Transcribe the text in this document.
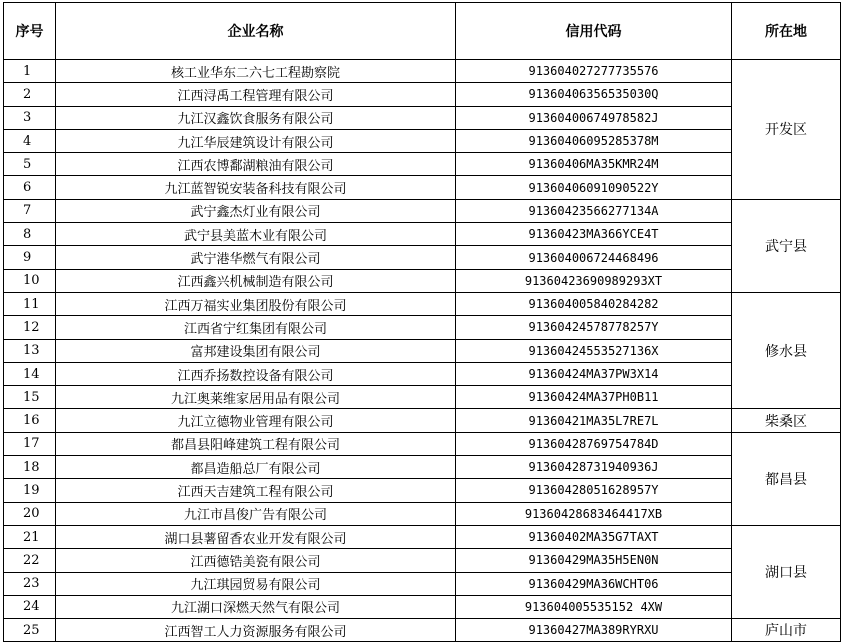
序号	企业名称	信用代码	所在地
1	核工业华东二六七工程勘察院	913604027277735576	开发区
2	江西浔禹工程管理有限公司	91360406356535030Q	
3	九江汉鑫饮食服务有限公司	91360400674978582J	
4	九江华辰建筑设计有限公司	91360406095285378M	
5	江西农博鄱湖粮油有限公司	91360406MA35KMR24M	
6	九江蓝智锐安装备科技有限公司	91360406091090522Y	
7	武宁鑫杰灯业有限公司	91360423566277134A	武宁县
8	武宁县美蓝木业有限公司	91360423MA366YCE4T	
9	武宁港华燃气有限公司	913604006724468496	
10	江西鑫兴机械制造有限公司	91360423690989293XT	
11	江西万福实业集团股份有限公司	913604005840284282	修水县
12	江西省宁红集团有限公司	91360424578778257Y	
13	富邦建设集团有限公司	91360424553527136X	
14	江西乔扬数控设备有限公司	91360424MA37PW3X14	
15	九江奥莱维家居用品有限公司	91360424MA37PH0B11	
16	九江立德物业管理有限公司	91360421MA35L7RE7L	柴桑区
17	都昌县阳峰建筑工程有限公司	91360428769754784D	都昌县
18	都昌造船总厂有限公司	91360428731940936J	
19	江西天吉建筑工程有限公司	91360428051628957Y	
20	九江市昌俊广告有限公司	91360428683464417XB	
21	湖口县薯留香农业开发有限公司	91360402MA35G7TAXT	湖口县
22	江西德锆美瓷有限公司	91360429MA35H5EN0N	
23	九江琪园贸易有限公司	91360429MA36WCHT06	
24	九江湖口深燃天然气有限公司	913604005535152 4XW	
25	江西智工人力资源服务有限公司	91360427MA389RYRXU	庐山市
